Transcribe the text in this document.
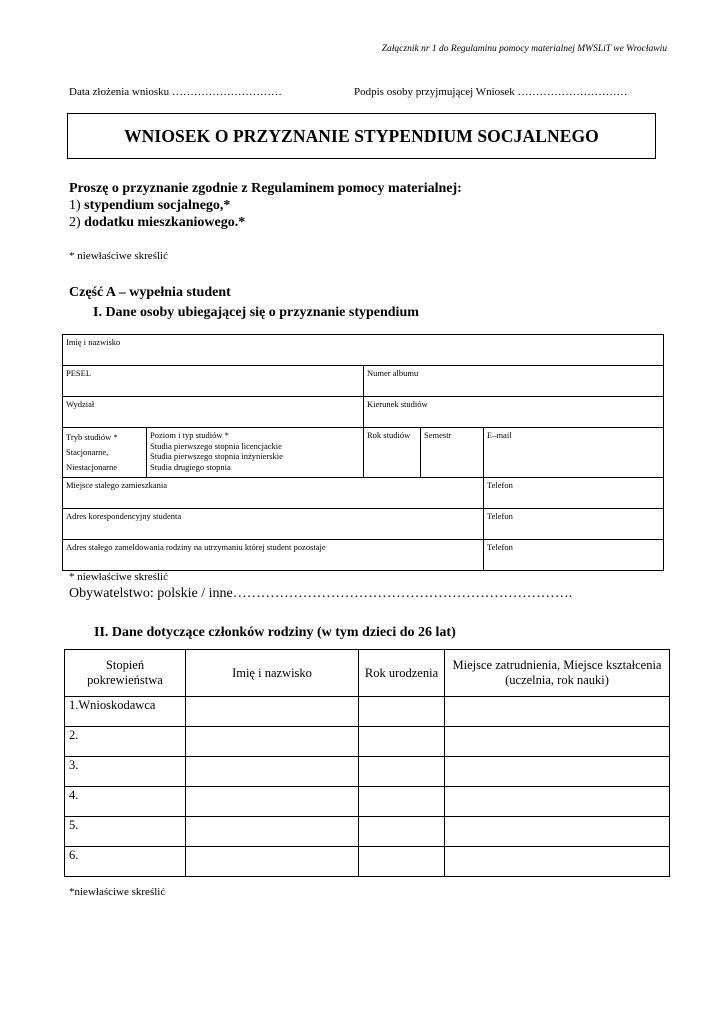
Załącznik nr 1 do Regulaminu pomocy materialnej MWSLiT we Wrocławiu
Data złożenia wniosku …………………………	Podpis osoby przyjmującej Wniosek …………………………
WNIOSEK O PRZYZNANIE STYPENDIUM SOCJALNEGO
Proszę o przyznanie zgodnie z Regulaminem pomocy materialnej:
1) stypendium socjalnego,*
2) dodatku mieszkaniowego.*
* niewłaściwe skreślić
Część A – wypełnia student
I. Dane osoby ubiegającej się o przyznanie stypendium
Imię i nazwisko				
PESEL		Numer albumu		
Wydział		Kierunek studiów		

Tryb studiów *
Stacjonarne,
Niestacjonarne	Poziom i typ studiów *
Studia pierwszego stopnia licencjackie
Studia pierwszego stopnia inżynierskie
Studia drugiego stopnia	Rok studiów	Semestr	E–mail
Miejsce stałego zamieszkania				Telefon
Adres korespondencyjny studenta				Telefon
Adres stałego zameldowania rodziny na utrzymaniu której student pozostaje				Telefon
* niewłaściwe skreślić
Obywatelstwo: polskie / inne……………………………………………………………….
II. Dane dotyczące członków rodziny (w tym dzieci do 26 lat)
Stopień pokrewieństwa	Imię i nazwisko	Rok urodzenia	Miejsce zatrudnienia, Miejsce kształcenia (uczelnia, rok nauki)
1.Wnioskodawca			
2.			
3.			
4.			
5.			
6.			
*niewłaściwe skreślić
